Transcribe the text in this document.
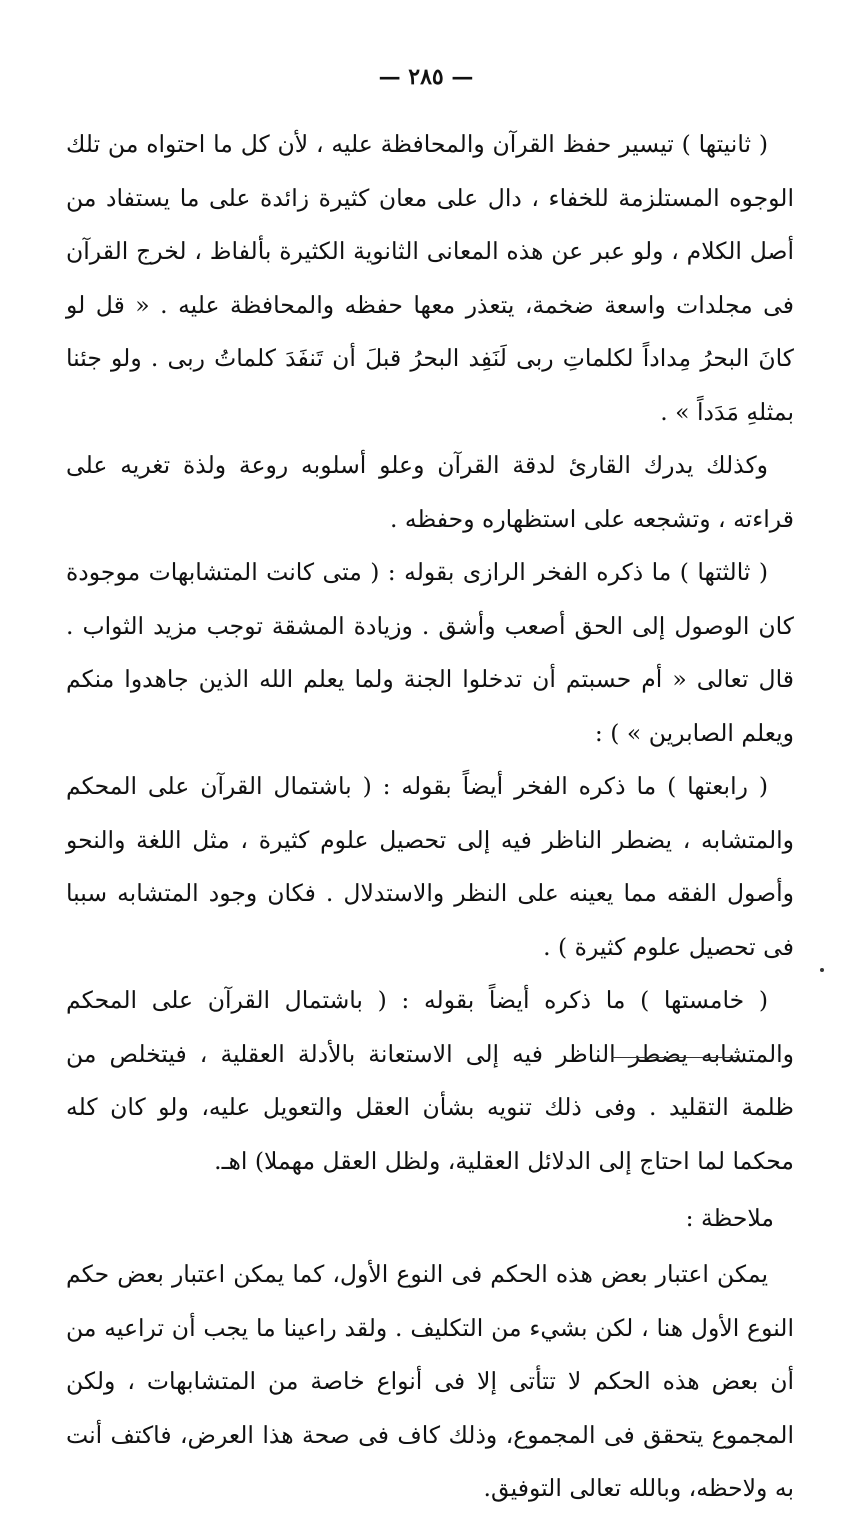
— ٢٨٥ —

( ثانيتها ) تيسير حفظ القرآن والمحافظة عليه ، لأن كل ما احتواه من تلك الوجوه المستلزمة للخفاء ، دال على معان كثيرة زائدة على ما يستفاد من أصل الكلام ، ولو عبر عن هذه المعانى الثانوية الكثيرة بألفاظ ، لخرج القرآن فى مجلدات واسعة ضخمة، يتعذر معها حفظه والمحافظة عليه . « قل لو كانَ البحرُ مِداداً لكلماتِ ربى لَنَفِد البحرُ قبلَ أن تَنفَدَ كلماتُ ربى . ولو جئنا بمثلهِ مَدَداً » .

وكذلك يدرك القارئ لدقة القرآن وعلو أسلوبه روعة ولذة تغريه على قراءته ، وتشجعه على استظهاره وحفظه .

( ثالثتها ) ما ذكره الفخر الرازى بقوله : ( متى كانت المتشابهات موجودة كان الوصول إلى الحق أصعب وأشق . وزيادة المشقة توجب مزيد الثواب . قال تعالى « أم حسبتم أن تدخلوا الجنة ولما يعلم الله الذين جاهدوا منكم ويعلم الصابرين » ) :

( رابعتها ) ما ذكره الفخر أيضاً بقوله : ( باشتمال القرآن على المحكم والمتشابه ، يضطر الناظر فيه إلى تحصيل علوم كثيرة ، مثل اللغة والنحو وأصول الفقه مما يعينه على النظر والاستدلال . فكان وجود المتشابه سببا فى تحصيل علوم كثيرة ) .

( خامستها ) ما ذكره أيضاً بقوله : ( باشتمال القرآن على المحكم والمتشابه يضطر الناظر فيه إلى الاستعانة بالأدلة العقلية ، فيتخلص من ظلمة التقليد . وفى ذلك تنويه بشأن العقل والتعويل عليه، ولو كان كله محكما لما احتاج إلى الدلائل العقلية، ولظل العقل مهملا) اهـ.

ملاحظة :

يمكن اعتبار بعض هذه الحكم فى النوع الأول، كما يمكن اعتبار بعض حكم النوع الأول هنا ، لكن بشيء من التكليف . ولقد راعينا ما يجب أن تراعيه من أن بعض هذه الحكم لا تتأتى إلا فى أنواع خاصة من المتشابهات ، ولكن المجموع يتحقق فى المجموع، وذلك كاف فى صحة هذا العرض، فاكتف أنت به ولاحظه، وبالله تعالى التوفيق.
